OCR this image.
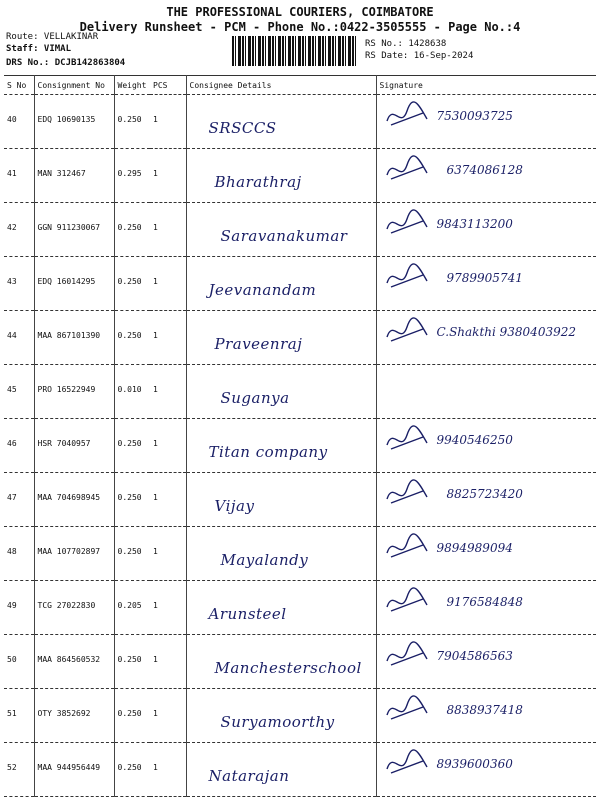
THE PROFESSIONAL COURIERS, COIMBATORE
Delivery Runsheet - PCM - Phone No.:0422-3505555 - Page No.:4
Route: VELLAKINAR
Staff: VIMAL
DRS No.: DCJB142863804
RS No.: 1428638
RS Date: 16-Sep-2024
S No	Consignment No	Weight	PCS	Consignee Details	Signature
40	EDQ 10690135	0.250	1	SRSCCS	7530093725

41	MAN 312467	0.295	1	Bharathraj	6374086128

42	GGN 911230067	0.250	1	Saravanakumar	9843113200

43	EDQ 16014295	0.250	1	Jeevanandam	9789905741

44	MAA 867101390	0.250	1	Praveenraj	C.Shakthi 9380403922

45	PRO 16522949	0.010	1	Suganya	

46	HSR 7040957	0.250	1	Titan company	9940546250

47	MAA 704698945	0.250	1	Vijay	8825723420

48	MAA 107702897	0.250	1	Mayalandy	9894989094

49	TCG 27022830	0.205	1	Arunsteel	9176584848

50	MAA 864560532	0.250	1	Manchesterschool	7904586563

51	OTY 3852692	0.250	1	Suryamoorthy	8838937418

52	MAA 944956449	0.250	1	Natarajan	8939600360
